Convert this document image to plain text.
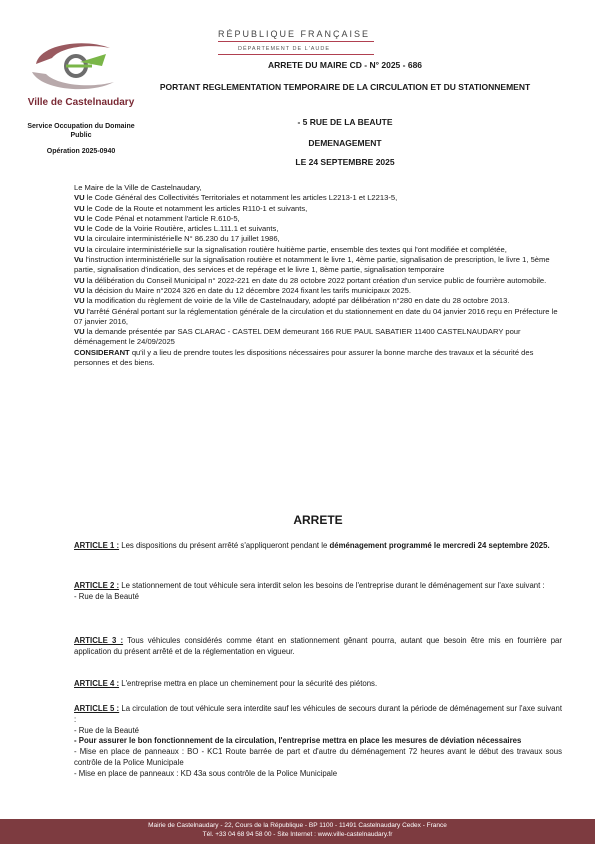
Ville de Castelnaudary
Service Occupation du Domaine Public
Opération 2025-0940
RÉPUBLIQUE FRANÇAISE
DÉPARTEMENT DE L'AUDE
ARRETE DU MAIRE CD - N° 2025 - 686
PORTANT REGLEMENTATION TEMPORAIRE DE LA CIRCULATION ET DU STATIONNEMENT
- 5 RUE DE LA BEAUTE
DEMENAGEMENT
LE 24 SEPTEMBRE 2025

Le Maire de la Ville de Castelnaudary,

VU le Code Général des Collectivités Territoriales et notamment les articles L2213-1 et L2213-5,

VU le Code de la Route et notamment les articles R110-1 et suivants,

VU le Code Pénal et notamment l'article R.610-5,

VU le Code de la Voirie Routière, articles L.111.1 et suivants,

VU la circulaire interministérielle N° 86.230 du 17 juillet 1986,

VU la circulaire interministérielle sur la signalisation routière huitième partie, ensemble des textes qui l'ont modifiée et complétée,

Vu l'instruction interministérielle sur la signalisation routière et notamment le livre 1, 4ème partie, signalisation de prescription, le livre 1, 5ème partie, signalisation d'indication, des services et de repérage et le livre 1, 8ème partie, signalisation temporaire

VU la délibération du Conseil Municipal n° 2022-221 en date du 28 octobre 2022 portant création d'un service public de fourrière automobile.

VU la décision du Maire n°2024 326 en date du 12 décembre 2024 fixant les tarifs municipaux 2025.

VU la modification du règlement de voirie de la Ville de Castelnaudary, adopté par délibération n°280 en date du 28 octobre 2013.

VU l'arrêté Général portant sur la réglementation générale de la circulation et du stationnement en date du 04 janvier 2016 reçu en Préfecture le 07 janvier 2016,

VU la demande présentée par SAS CLARAC - CASTEL DEM demeurant 166 RUE PAUL SABATIER 11400 CASTELNAUDARY pour déménagement le 24/09/2025

CONSIDERANT qu'il y a lieu de prendre toutes les dispositions nécessaires pour assurer la bonne marche des travaux et la sécurité des personnes et des biens.

ARRETE
ARTICLE 1 : Les dispositions du présent arrêté s'appliqueront pendant le déménagement programmé le mercredi 24 septembre 2025.
ARTICLE 2 : Le stationnement de tout véhicule sera interdit selon les besoins de l'entreprise durant le déménagement sur l'axe suivant :
- Rue de la Beauté
ARTICLE 3 : Tous véhicules considérés comme étant en stationnement gênant pourra, autant que besoin être mis en fourrière par application du présent arrêté et de la réglementation en vigueur.
ARTICLE 4 : L'entreprise mettra en place un cheminement pour la sécurité des piétons.
ARTICLE 5 : La circulation de tout véhicule sera interdite sauf les véhicules de secours durant la période de déménagement sur l'axe suivant :
- Rue de la Beauté
- Pour assurer le bon fonctionnement de la circulation, l'entreprise mettra en place les mesures de déviation nécessaires
- Mise en place de panneaux : BO - KC1 Route barrée de part et d'autre du déménagement 72 heures avant le début des travaux sous contrôle de la Police Municipale
- Mise en place de panneaux : KD 43a sous contrôle de la Police Municipale
Mairie de Castelnaudary - 22, Cours de la République - BP 1100 - 11491 Castelnaudary Cedex - France
Tél. +33 04 68 94 58 00 - Site Internet : www.ville-castelnaudary.fr
